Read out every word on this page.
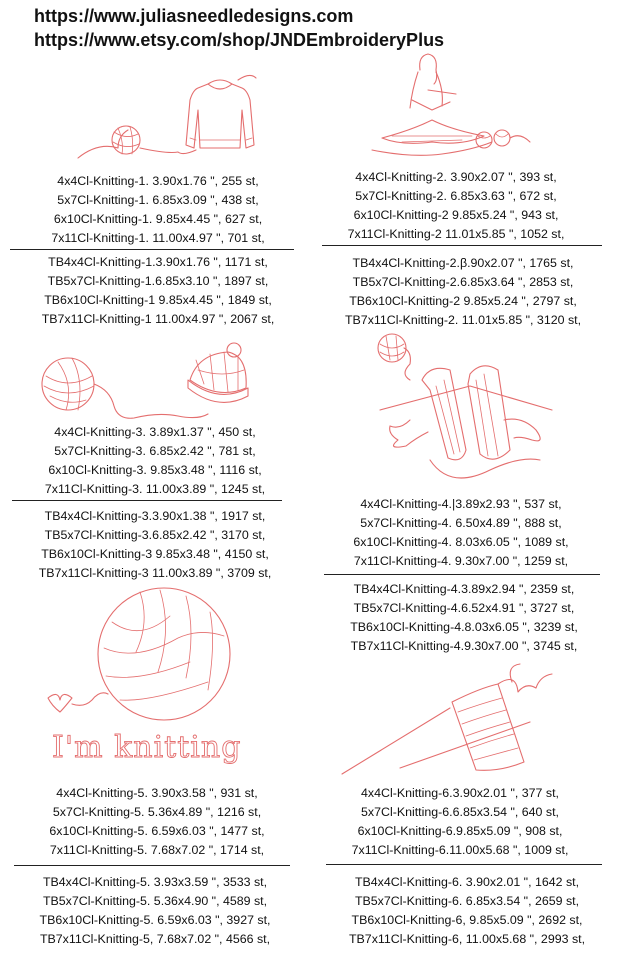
https://www.juliasneedledesigns.com
https://www.etsy.com/shop/JNDEmbroideryPlus
4x4Cl-Knitting-1. 3.90x1.76 ", 255 st,
5x7Cl-Knitting-1. 6.85x3.09 ", 438 st,
6x10Cl-Knitting-1. 9.85x4.45 ", 627 st,
7x11Cl-Knitting-1. 11.00x4.97 ", 701 st,
TB4x4Cl-Knitting-1.3.90x1.76 ", 1171 st,
TB5x7Cl-Knitting-1.6.85x3.10 ", 1897 st,
TB6x10Cl-Knitting-1 9.85x4.45 ", 1849 st,
TB7x11Cl-Knitting-1 11.00x4.97 ", 2067 st,
4x4Cl-Knitting-2. 3.90x2.07 ", 393 st,
5x7Cl-Knitting-2. 6.85x3.63 ", 672 st,
6x10Cl-Knitting-2 9.85x5.24 ", 943 st,
7x11Cl-Knitting-2 11.01x5.85 ", 1052 st,
TB4x4Cl-Knitting-2.β.90x2.07 ", 1765 st,
TB5x7Cl-Knitting-2.6.85x3.64 ", 2853 st,
TB6x10Cl-Knitting-2 9.85x5.24 ", 2797 st,
TB7x11Cl-Knitting-2. 11.01x5.85 ", 3120 st,
4x4Cl-Knitting-3. 3.89x1.37 ", 450 st,
5x7Cl-Knitting-3. 6.85x2.42 ", 781 st,
6x10Cl-Knitting-3. 9.85x3.48 ", 1116 st,
7x11Cl-Knitting-3. 11.00x3.89 ", 1245 st,
TB4x4Cl-Knitting-3.3.90x1.38 ", 1917 st,
TB5x7Cl-Knitting-3.6.85x2.42 ", 3170 st,
TB6x10Cl-Knitting-3 9.85x3.48 ", 4150 st,
TB7x11Cl-Knitting-3 11.00x3.89 ", 3709 st,
4x4Cl-Knitting-4.|3.89x2.93 ", 537 st,
5x7Cl-Knitting-4. 6.50x4.89 ", 888 st,
6x10Cl-Knitting-4. 8.03x6.05 ", 1089 st,
7x11Cl-Knitting-4. 9.30x7.00 ", 1259 st,
TB4x4Cl-Knitting-4.3.89x2.94 ", 2359 st,
TB5x7Cl-Knitting-4.6.52x4.91 ", 3727 st,
TB6x10Cl-Knitting-4.8.03x6.05 ", 3239 st,
TB7x11Cl-Knitting-4.9.30x7.00 ", 3745 st,
I'm knitting
4x4Cl-Knitting-5. 3.90x3.58 ", 931 st,
5x7Cl-Knitting-5. 5.36x4.89 ", 1216 st,
6x10Cl-Knitting-5. 6.59x6.03 ", 1477 st,
7x11Cl-Knitting-5. 7.68x7.02 ", 1714 st,
TB4x4Cl-Knitting-5. 3.93x3.59 ", 3533 st,
TB5x7Cl-Knitting-5. 5.36x4.90 ", 4589 st,
TB6x10Cl-Knitting-5. 6.59x6.03 ", 3927 st,
TB7x11Cl-Knitting-5, 7.68x7.02 ", 4566 st,
4x4Cl-Knitting-6.3.90x2.01 ", 377 st,
5x7Cl-Knitting-6.6.85x3.54 ", 640 st,
6x10Cl-Knitting-6.9.85x5.09 ", 908 st,
7x11Cl-Knitting-6.11.00x5.68 ", 1009 st,
TB4x4Cl-Knitting-6. 3.90x2.01 ", 1642 st,
TB5x7Cl-Knitting-6. 6.85x3.54 ", 2659 st,
TB6x10Cl-Knitting-6, 9.85x5.09 ", 2692 st,
TB7x11Cl-Knitting-6, 11.00x5.68 ", 2993 st,
